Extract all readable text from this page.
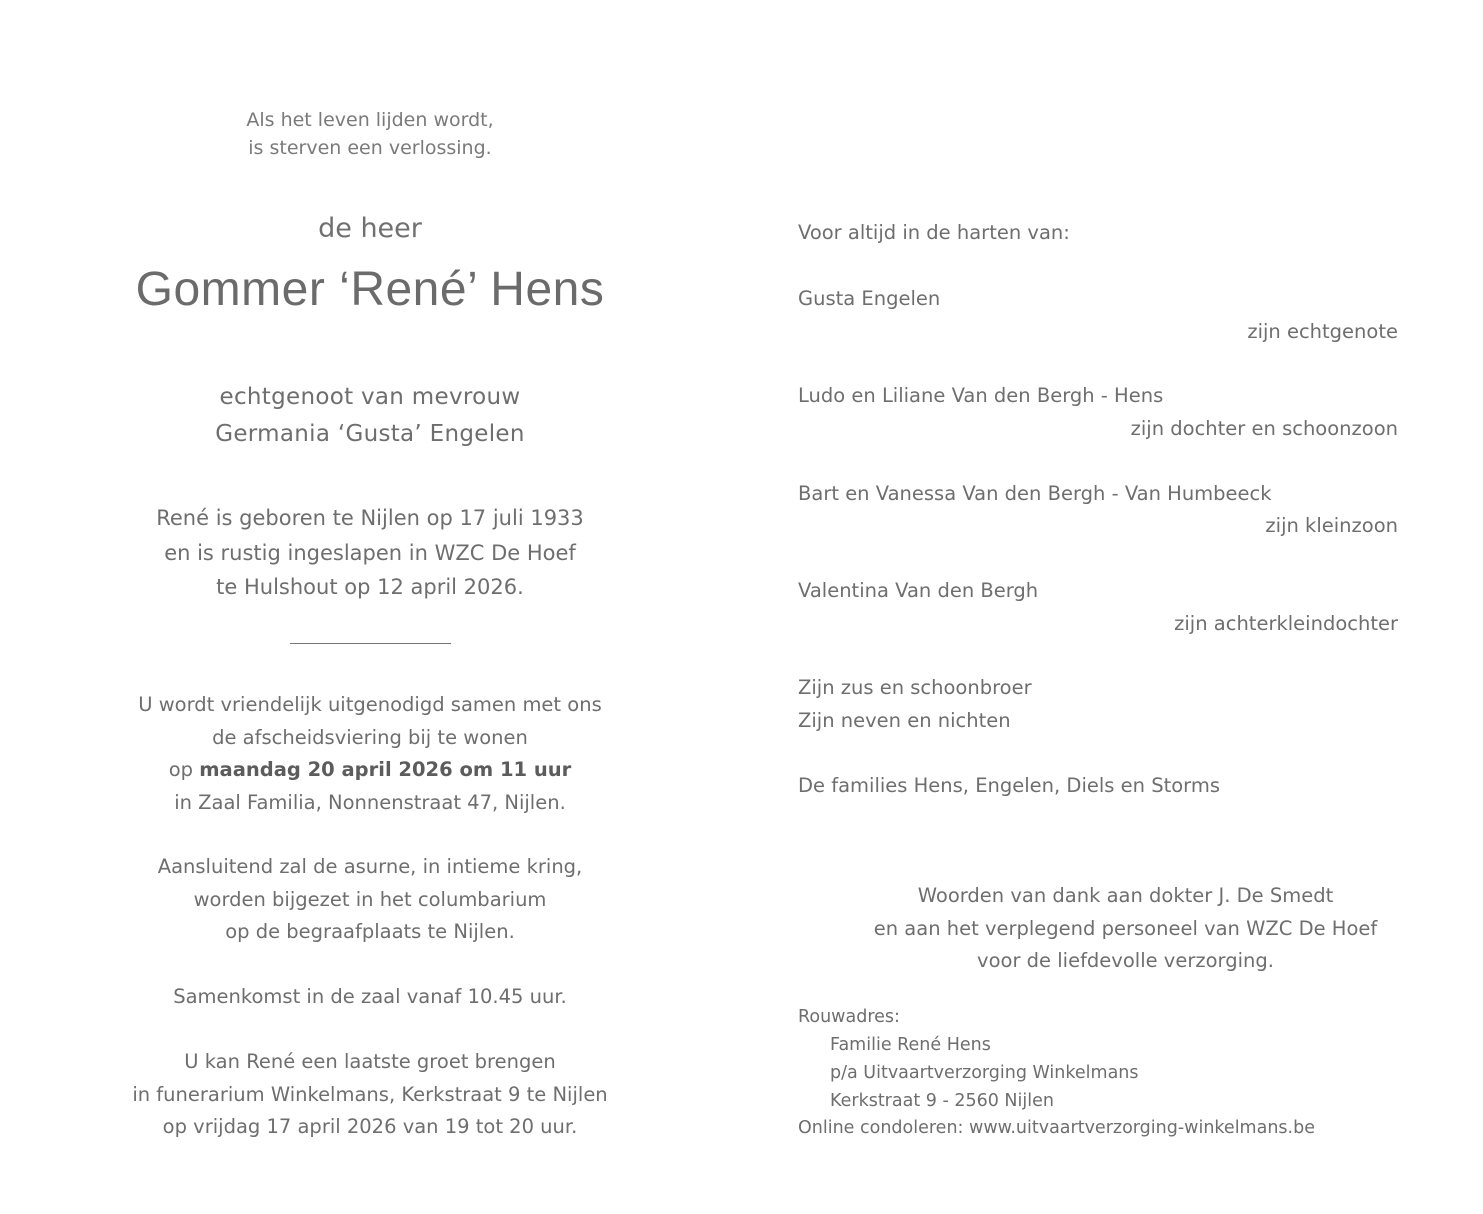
Als het leven lijden wordt,

is sterven een verlossing.

de heer
Gommer ‘René’ Hens

echtgenoot van mevrouw

Germania ‘Gusta’ Engelen

René is geboren te Nijlen op 17 juli 1933

en is rustig ingeslapen in WZC De Hoef

te Hulshout op 12 april 2026.

U wordt vriendelijk uitgenodigd samen met ons

de afscheidsviering bij te wonen

op maandag 20 april 2026 om 11 uur

in Zaal Familia, Nonnenstraat 47, Nijlen.

Aansluitend zal de asurne, in intieme kring,

worden bijgezet in het columbarium

op de begraafplaats te Nijlen.

Samenkomst in de zaal vanaf 10.45 uur.

U kan René een laatste groet brengen

in funerarium Winkelmans, Kerkstraat 9 te Nijlen

op vrijdag 17 april 2026 van 19 tot 20 uur.

Voor altijd in de harten van:
Gusta Engelen
zijn echtgenote
Ludo en Liliane Van den Bergh - Hens
zijn dochter en schoonzoon
Bart en Vanessa Van den Bergh - Van Humbeeck
zijn kleinzoon
Valentina Van den Bergh
zijn achterkleindochter
Zijn zus en schoonbroer
Zijn neven en nichten
De families Hens, Engelen, Diels en Storms

Woorden van dank aan dokter J. De Smedt

en aan het verplegend personeel van WZC De Hoef

voor de liefdevolle verzorging.

Rouwadres:
Familie René Hens
p/a Uitvaartverzorging Winkelmans
Kerkstraat 9 - 2560 Nijlen
Online condoleren: www.uitvaartverzorging-winkelmans.be
